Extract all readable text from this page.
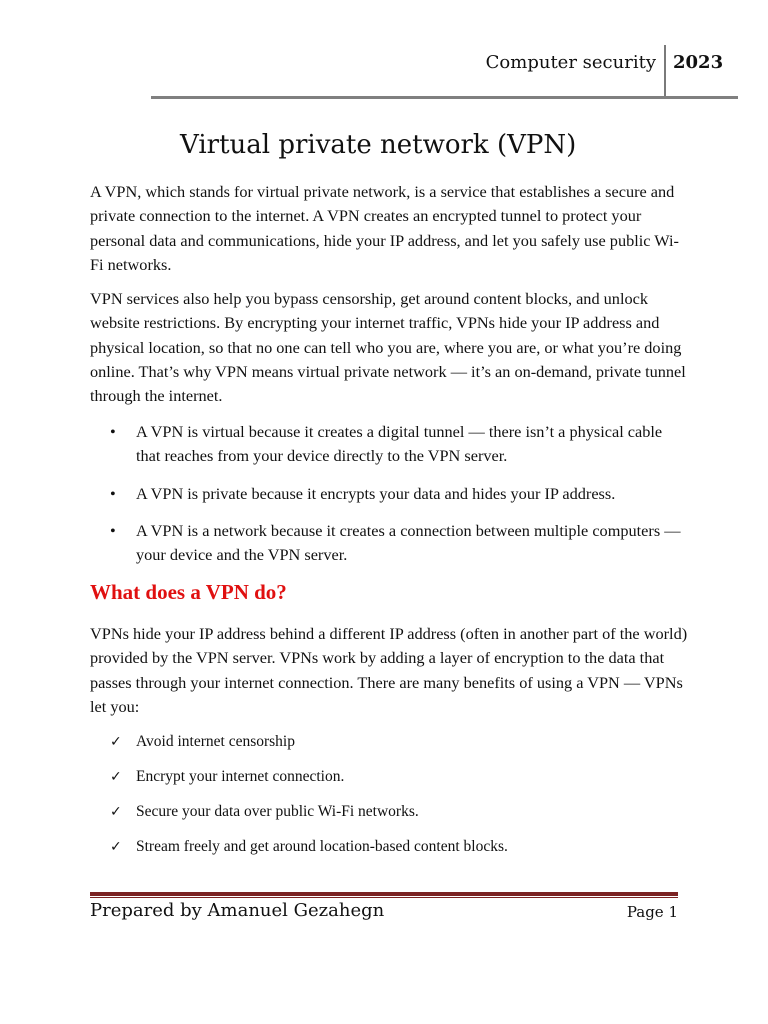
Computer security 2023
Virtual private network (VPN)

A VPN, which stands for virtual private network, is a service that establishes a secure and private connection to the internet. A VPN creates an encrypted tunnel to protect your personal data and communications, hide your IP address, and let you safely use public Wi-Fi networks.

VPN services also help you bypass censorship, get around content blocks, and unlock website restrictions. By encrypting your internet traffic, VPNs hide your IP address and physical location, so that no one can tell who you are, where you are, or what you’re doing online. That’s why VPN means virtual private network — it’s an on-demand, private tunnel through the internet.

• A VPN is virtual because it creates a digital tunnel — there isn’t a physical cable that reaches from your device directly to the VPN server.
• A VPN is private because it encrypts your data and hides your IP address.
• A VPN is a network because it creates a connection between multiple computers — your device and the VPN server.
What does a VPN do?

VPNs hide your IP address behind a different IP address (often in another part of the world) provided by the VPN server. VPNs work by adding a layer of encryption to the data that passes through your internet connection. There are many benefits of using a VPN — VPNs let you:

✓ Avoid internet censorship
✓ Encrypt your internet connection.
✓ Secure your data over public Wi-Fi networks.
✓ Stream freely and get around location-based content blocks.
Prepared by Amanuel Gezahegn	Page 1
